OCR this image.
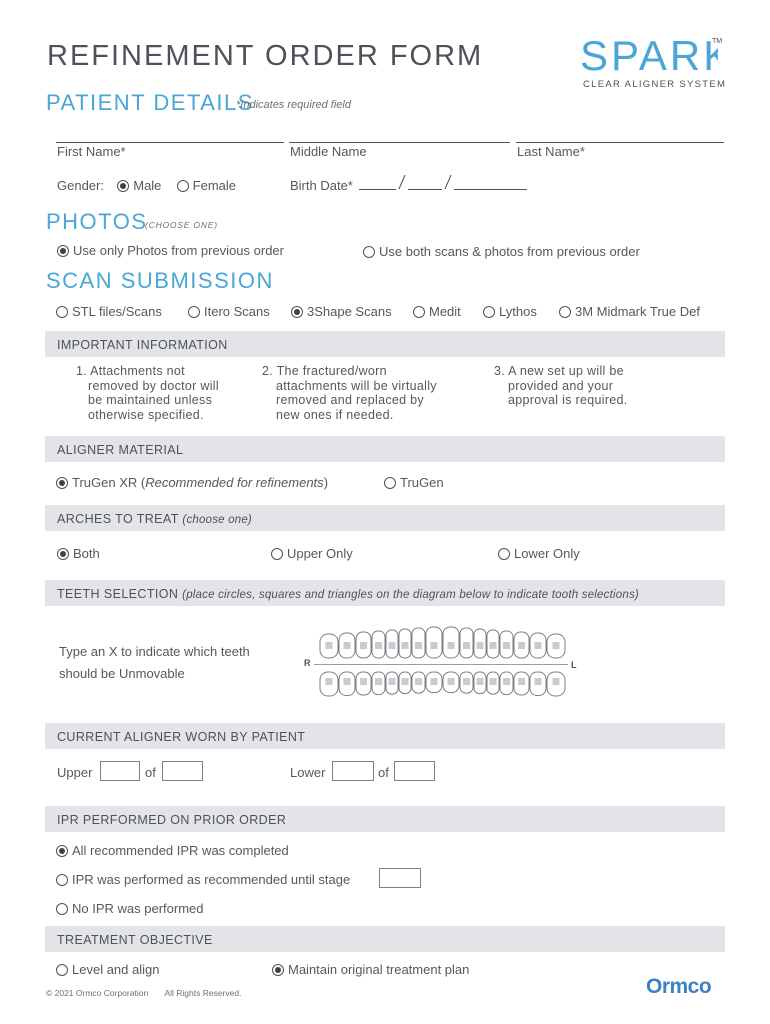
REFINEMENT ORDER FORM SPAR	TM
CLEAR ALIGNER SYSTEM
PATIENT DETAILS
*Indicates required field
First Name*	Middle Name	Last Name*
Gender: Male Female	Birth Date*
PHOTOS
(CHOOSE ONE)
Use only Photos from previous order	Use both scans & photos from previous order
SCAN SUBMISSION
STL files/Scans	Itero Scans	3Shape Scans	Medit	Lythos	3M Midmark True Def
IMPORTANT INFORMATION
1. Attachments not
removed by doctor will
be maintained unless
otherwise specified.
2. The fractured/worn
attachments will be virtually
removed and replaced by
new ones if needed.
3. A new set up will be
provided and your
approval is required.
ALIGNER MATERIAL
TruGen XR (Recommended for refinements)	TruGen
ARCHES TO TREAT (choose one)
Both	Upper Only	Lower Only
TEETH SELECTION (place circles, squares and triangles on the diagram below to indicate tooth selections)
Type an X to indicate which teeth
should be Unmovable
R	L
CURRENT ALIGNER WORN BY PATIENT
Upper	of	Lower	of
IPR PERFORMED ON PRIOR ORDER
All recommended IPR was completed
IPR was performed as recommended until stage
No IPR was performed
TREATMENT OBJECTIVE
Level and align	Maintain original treatment plan
© 2021 Ormco Corporation All Rights Reserved.	Ormco
